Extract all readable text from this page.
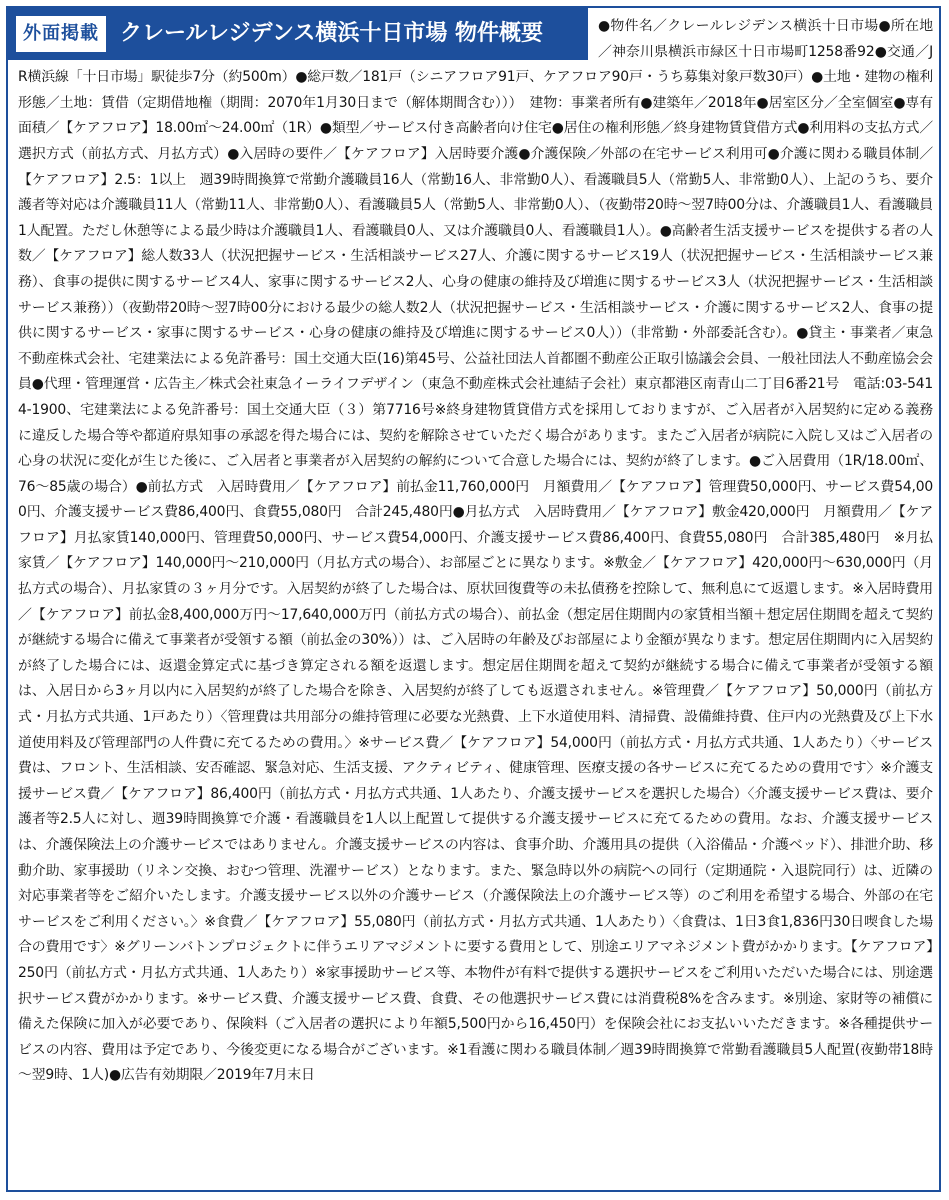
外面掲載 クレールレジデンス横浜十日市場 物件概要	●物件名／クレールレジデンス横浜十日市場●所在地／神奈川県横浜市緑区十日市場町1258番92●交通／JR横浜線「十日市場」駅徒歩7分（約500m）●総戸数／181戸（シニアフロア91戸、ケアフロア90戸・うち募集対象戸数30戸）●土地・建物の権利形態／土地：賃借（定期借地権（期間：2070年1月30日まで（解体期間含む）））　建物：事業者所有●建築年／2018年●居室区分／全室個室●専有面積／【ケアフロア】18.00㎡～24.00㎡（1R）●類型／サービス付き高齢者向け住宅●居住の権利形態／終身建物賃貸借方式●利用料の支払方式／選択方式（前払方式、月払方式）●入居時の要件／【ケアフロア】入居時要介護●介護保険／外部の在宅サービス利用可●介護に関わる職員体制／【ケアフロア】2.5：1以上　週39時間換算で常勤介護職員16人（常勤16人、非常勤0人）、看護職員5人（常勤5人、非常勤0人）、上記のうち、要介護者等対応は介護職員11人（常勤11人、非常勤0人）、看護職員5人（常勤5人、非常勤0人）、（夜勤帯20時～翌7時00分は、介護職員1人、看護職員1人配置。ただし休憩等による最少時は介護職員1人、看護職員0人、又は介護職員0人、看護職員1人）。●高齢者生活支援サービスを提供する者の人数／【ケアフロア】総人数33人（状況把握サービス・生活相談サービス27人、介護に関するサービス19人（状況把握サービス・生活相談サービス兼務）、食事の提供に関するサービス4人、家事に関するサービス2人、心身の健康の維持及び増進に関するサービス3人（状況把握サービス・生活相談サービス兼務））（夜勤帯20時～翌7時00分における最少の総人数2人（状況把握サービス・生活相談サービス・介護に関するサービス2人、食事の提供に関するサービス・家事に関するサービス・心身の健康の維持及び増進に関するサービス0人））（非常勤・外部委託含む）。●貸主・事業者／東急不動産株式会社、宅建業法による免許番号：国土交通大臣(16)第45号、公益社団法人首都圏不動産公正取引協議会会員、一般社団法人不動産協会会員●代理・管理運営・広告主／株式会社東急イーライフデザイン（東急不動産株式会社連結子会社）東京都港区南青山二丁目6番21号　電話:03-5414-1900、宅建業法による免許番号：国土交通大臣（３）第7716号※終身建物賃貸借方式を採用しておりますが、ご入居者が入居契約に定める義務に違反した場合等や都道府県知事の承認を得た場合には、契約を解除させていただく場合があります。またご入居者が病院に入院し又はご入居者の心身の状況に変化が生じた後に、ご入居者と事業者が入居契約の解約について合意した場合には、契約が終了します。●ご入居費用（1R/18.00㎡、76～85歳の場合）●前払方式　入居時費用／【ケアフロア】前払金11,760,000円　月額費用／【ケアフロア】管理費50,000円、サービス費54,000円、介護支援サービス費86,400円、食費55,080円　合計245,480円●月払方式　入居時費用／【ケアフロア】敷金420,000円　月額費用／【ケアフロア】月払家賃140,000円、管理費50,000円、サービス費54,000円、介護支援サービス費86,400円、食費55,080円　合計385,480円　※月払家賃／【ケアフロア】140,000円～210,000円（月払方式の場合）、お部屋ごとに異なります。※敷金／【ケアフロア】420,000円～630,000円（月払方式の場合）、月払家賃の３ヶ月分です。入居契約が終了した場合は、原状回復費等の未払債務を控除して、無利息にて返還します。※入居時費用／【ケアフロア】前払金8,400,000万円～17,640,000万円（前払方式の場合）、前払金（想定居住期間内の家賃相当額＋想定居住期間を超えて契約が継続する場合に備えて事業者が受領する額（前払金の30%））は、ご入居時の年齢及びお部屋により金額が異なります。想定居住期間内に入居契約が終了した場合には、返還金算定式に基づき算定される額を返還します。想定居住期間を超えて契約が継続する場合に備えて事業者が受領する額は、入居日から3ヶ月以内に入居契約が終了した場合を除き、入居契約が終了しても返還されません。※管理費／【ケアフロア】50,000円（前払方式・月払方式共通、1戸あたり）〈管理費は共用部分の維持管理に必要な光熱費、上下水道使用料、清掃費、設備維持費、住戸内の光熱費及び上下水道使用料及び管理部門の人件費に充てるための費用。〉※サービス費／【ケアフロア】54,000円（前払方式・月払方式共通、1人あたり）〈サービス費は、フロント、生活相談、安否確認、緊急対応、生活支援、アクティビティ、健康管理、医療支援の各サービスに充てるための費用です〉※介護支援サービス費／【ケアフロア】86,400円（前払方式・月払方式共通、1人あたり、介護支援サービスを選択した場合）〈介護支援サービス費は、要介護者等2.5人に対し、週39時間換算で介護・看護職員を1人以上配置して提供する介護支援サービスに充てるための費用。なお、介護支援サービスは、介護保険法上の介護サービスではありません。介護支援サービスの内容は、食事介助、介護用具の提供（入浴備品・介護ベッド）、排泄介助、移動介助、家事援助（リネン交換、おむつ管理、洗濯サービス）となります。また、緊急時以外の病院への同行（定期通院・入退院同行）は、近隣の対応事業者等をご紹介いたします。介護支援サービス以外の介護サービス（介護保険法上の介護サービス等）のご利用を希望する場合、外部の在宅サービスをご利用ください。〉※食費／【ケアフロア】55,080円（前払方式・月払方式共通、1人あたり）〈食費は、1日3食1,836円30日喫食した場合の費用です〉※グリーンバトンプロジェクトに伴うエリアマジメントに要する費用として、別途エリアマネジメント費がかかります。【ケアフロア】250円（前払方式・月払方式共通、1人あたり）※家事援助サービス等、本物件が有料で提供する選択サービスをご利用いただいた場合には、別途選択サービス費がかかります。※サービス費、介護支援サービス費、食費、その他選択サービス費には消費税8%を含みます。※別途、家財等の補償に備えた保険に加入が必要であり、保険料（ご入居者の選択により年額5,500円から16,450円）を保険会社にお支払いいただきます。※各種提供サービスの内容、費用は予定であり、今後変更になる場合がございます。※1看護に関わる職員体制／週39時間換算で常勤看護職員5人配置(夜勤帯18時～翌9時、1人)●広告有効期限／2019年7月末日
